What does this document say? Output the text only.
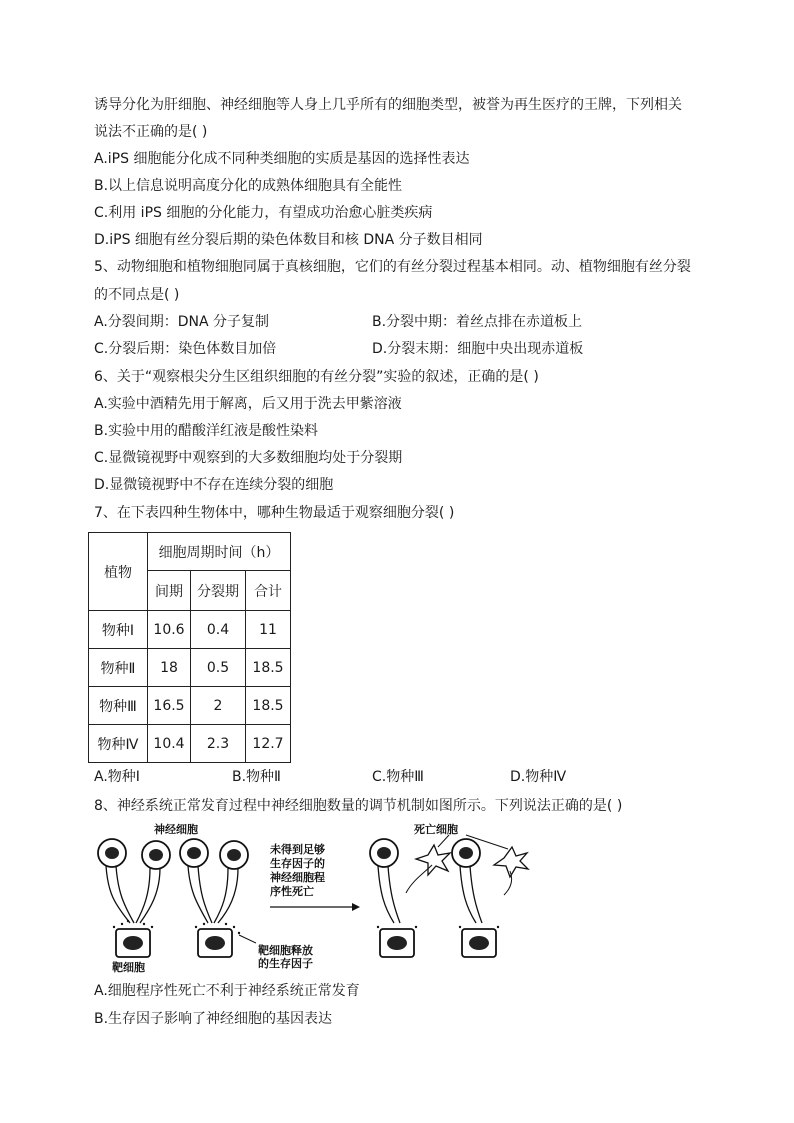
诱导分化为肝细胞、神经细胞等人身上几乎所有的细胞类型，被誉为再生医疗的王牌，下列相关
说法不正确的是( )
A.iPS 细胞能分化成不同种类细胞的实质是基因的选择性表达
B.以上信息说明高度分化的成熟体细胞具有全能性
C.利用 iPS 细胞的分化能力，有望成功治愈心脏类疾病
D.iPS 细胞有丝分裂后期的染色体数目和核 DNA 分子数目相同
5、动物细胞和植物细胞同属于真核细胞，它们的有丝分裂过程基本相同。动、植物细胞有丝分裂
的不同点是( )
A.分裂间期：DNA 分子复制	B.分裂中期：着丝点排在赤道板上
C.分裂后期：染色体数目加倍	D.分裂末期：细胞中央出现赤道板
6、关于“观察根尖分生区组织细胞的有丝分裂”实验的叙述，正确的是( )
A.实验中酒精先用于解离，后又用于洗去甲紫溶液
B.实验中用的醋酸洋红液是酸性染料
C.显微镜视野中观察到的大多数细胞均处于分裂期
D.显微镜视野中不存在连续分裂的细胞
7、在下表四种生物体中，哪种生物最适于观察细胞分裂( )
植物	细胞周期时间（h）		
	间期	分裂期	合计
物种Ⅰ	10.6	0.4	11
物种Ⅱ	18	0.5	18.5
物种Ⅲ	16.5	2	18.5
物种Ⅳ	10.4	2.3	12.7
A.物种Ⅰ	B.物种Ⅱ	C.物种Ⅲ	D.物种Ⅳ
8、神经系统正常发育过程中神经细胞数量的调节机制如图所示。下列说法正确的是( )
神经细胞
靶细胞
靶细胞释放
的生存因子
未得到足够
生存因子的
神经细胞程
序性死亡
死亡细胞
A.细胞程序性死亡不利于神经系统正常发育
B.生存因子影响了神经细胞的基因表达
